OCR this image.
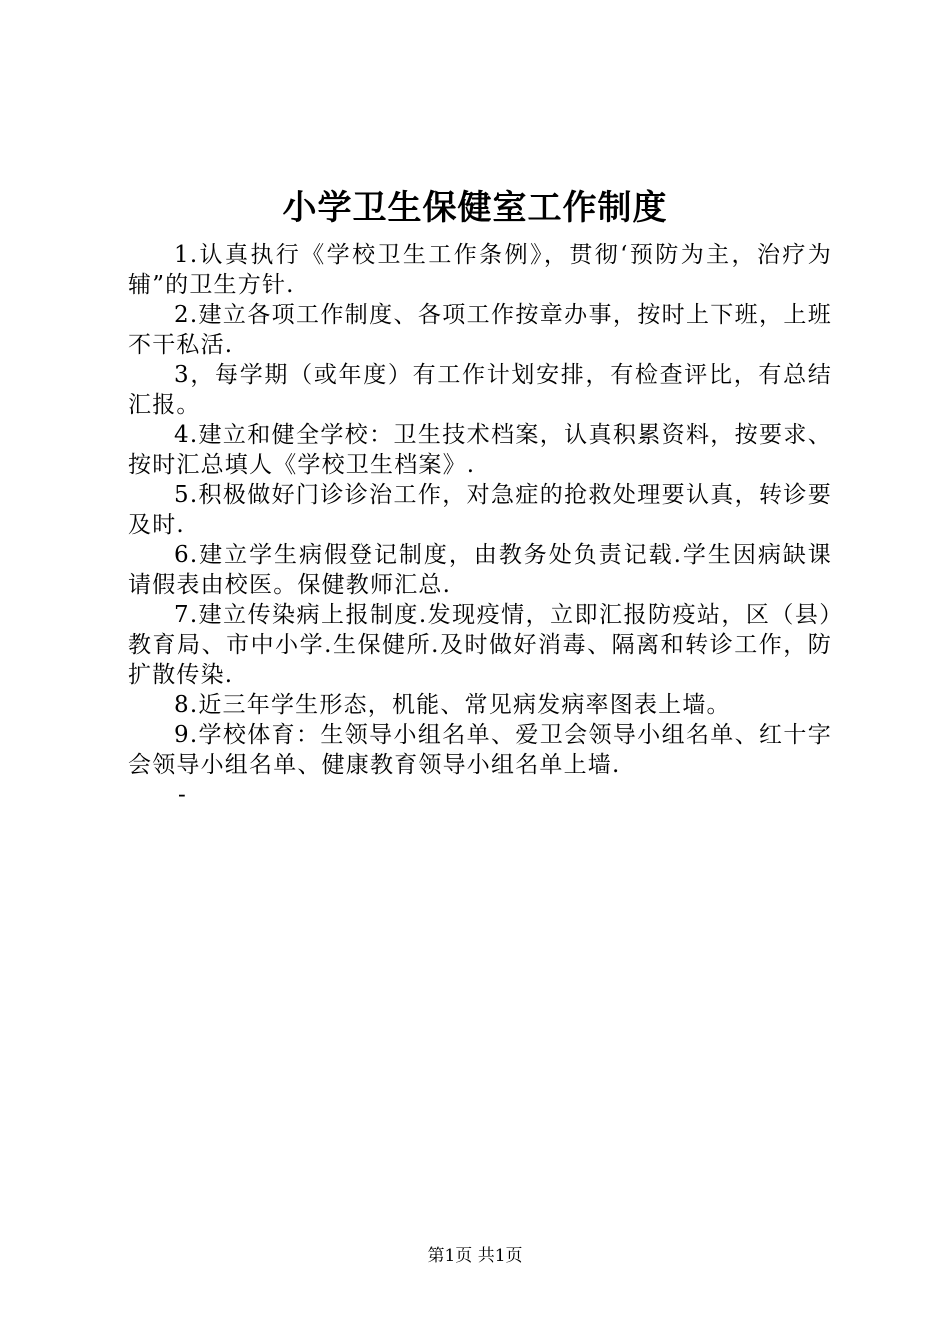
小学卫生保健室工作制度

1.认真执行《学校卫生工作条例》，贯彻‘预防为主，治疗为辅”的卫生方针.

2.建立各项工作制度、各项工作按章办事，按时上下班，上班不干私活.

3，每学期（或年度）有工作计划安排，有检查评比，有总结汇报。

4.建立和健全学校：卫生技术档案，认真积累资料，按要求、按时汇总填人《学校卫生档案》.

5.积极做好门诊诊治工作，对急症的抢救处理要认真，转诊要及时.

6.建立学生病假登记制度，由教务处负责记载.学生因病缺课请假表由校医。保健教师汇总.

7.建立传染病上报制度.发现疫情，立即汇报防疫站，区（县）教育局、市中小学.生保健所.及时做好消毒、隔离和转诊工作，防扩散传染.

8.近三年学生形态，机能、常见病发病率图表上墙。

9.学校体育：生领导小组名单、爱卫会领导小组名单、红十字会领导小组名单、健康教育领导小组名单上墙.

-

第1页 共1页
